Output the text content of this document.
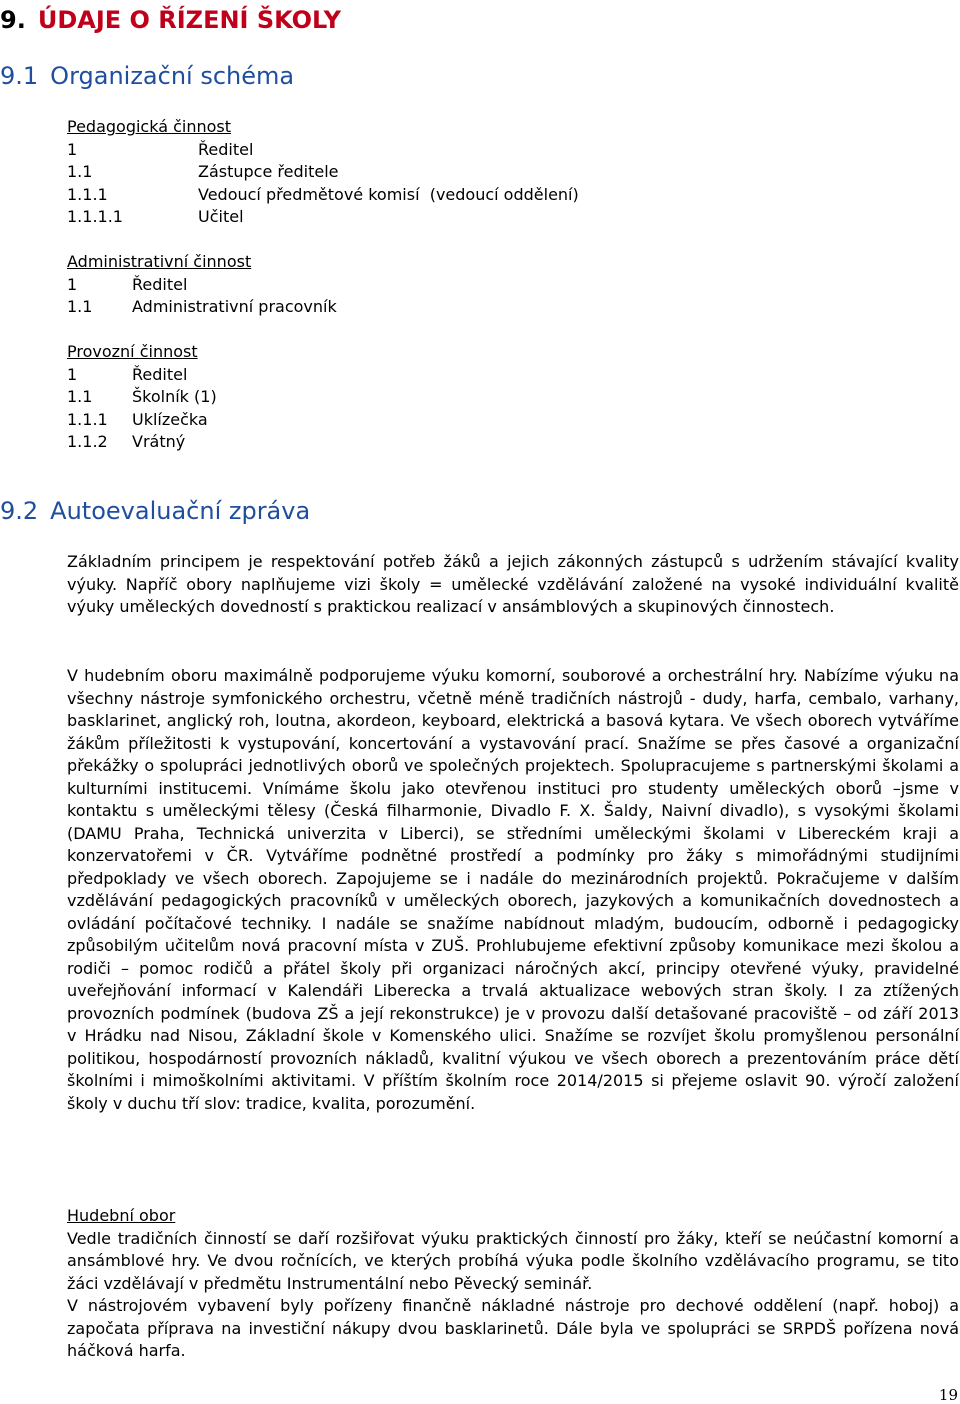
9. ÚDAJE O ŘÍZENÍ ŠKOLY
9.1 Organizační schéma
Pedagogická činnost
1	Ředitel
1.1	Zástupce ředitele
1.1.1	Vedoucí předmětové komisí  (vedoucí oddělení)
1.1.1.1	Učitel
Administrativní činnost
1	Ředitel
1.1 Administrativní pracovník
Provozní činnost
1	Ředitel
1.1 Školník (1)
1.1.1 Uklízečka
1.1.2 Vrátný
9.2 Autoevaluační zpráva

Základním principem je respektování potřeb žáků a jejich zákonných zástupců s udržením stávající kvality výuky. Napříč obory naplňujeme vizi školy = umělecké vzdělávání založené na vysoké individuální kvalitě výuky uměleckých dovedností s praktickou realizací v ansámblových a skupinových činnostech.

V hudebním oboru maximálně podporujeme výuku komorní, souborové a orchestrální hry. Nabízíme výuku na všechny nástroje symfonického orchestru, včetně méně tradičních nástrojů - dudy, harfa, cembalo, varhany, basklarinet, anglický roh, loutna, akordeon, keyboard, elektrická a basová kytara. Ve všech oborech vytváříme žákům příležitosti k vystupování, koncertování a vystavování prací. Snažíme se přes časové a organizační překážky o spolupráci jednotlivých oborů ve společných projektech. Spolupracujeme s partnerskými školami a kulturními institucemi. Vnímáme školu jako otevřenou instituci pro studenty uměleckých oborů –jsme v kontaktu s uměleckými tělesy (Česká filharmonie, Divadlo F. X. Šaldy, Naivní divadlo), s vysokými školami (DAMU Praha, Technická univerzita v Liberci), se středními uměleckými školami v Libereckém kraji a konzervatořemi v ČR. Vytváříme podnětné prostředí a podmínky pro žáky s mimořádnými studijními předpoklady ve všech oborech. Zapojujeme se i nadále do mezinárodních projektů. Pokračujeme v dalším vzdělávání pedagogických pracovníků v uměleckých oborech, jazykových a komunikačních dovednostech a ovládání počítačové techniky. I nadále se snažíme nabídnout mladým, budoucím, odborně i pedagogicky způsobilým učitelům nová pracovní místa v ZUŠ. Prohlubujeme efektivní způsoby komunikace mezi školou a rodiči – pomoc rodičů a přátel školy při organizaci náročných akcí, principy otevřené výuky, pravidelné uveřejňování informací v Kalendáři Liberecka a trvalá aktualizace webových stran školy. I za ztížených provozních podmínek (budova ZŠ a její rekonstrukce) je v provozu další detašované pracoviště – od září 2013 v Hrádku nad Nisou, Základní škole v Komenského ulici. Snažíme se rozvíjet školu promyšlenou personální politikou, hospodárností provozních nákladů, kvalitní výukou ve všech oborech a prezentováním práce dětí školními i mimoškolními aktivitami. V příštím školním roce 2014/2015 si přejeme oslavit 90. výročí založení školy v duchu tří slov: tradice, kvalita, porozumění.

Hudební obor
Vedle tradičních činností se daří rozšiřovat výuku praktických činností pro žáky, kteří se neúčastní komorní a ansámblové hry. Ve dvou ročnících, ve kterých probíhá výuka podle školního vzdělávacího programu, se tito žáci vzdělávají v předmětu Instrumentální nebo Pěvecký seminář.
V nástrojovém vybavení byly pořízeny finančně nákladné nástroje pro dechové oddělení (např. hoboj) a započata příprava na investiční nákupy dvou basklarinetů. Dále byla ve spolupráci se SRPDŠ pořízena nová háčková harfa.
19
